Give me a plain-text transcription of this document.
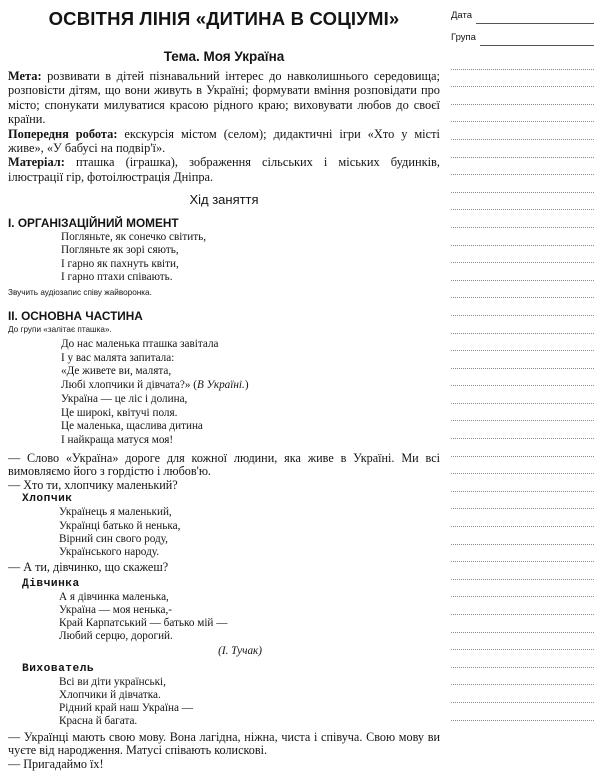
ОСВІТНЯ ЛІНІЯ «ДИТИНА В СОЦІУМІ»
Тема. Моя Україна

Мета: розвивати в дітей пізнавальний інтерес до навколишнього середовища; розповісти дітям, що вони живуть в Україні; формувати вміння розповідати про місто; спонукати милуватися красою рідного краю; виховувати любов до своєї країни.

Попередня робота: екскурсія містом (селом); дидактичні ігри «Хто у місті живе», «У бабусі на подвір'ї».

Матеріал: пташка (іграшка), зображення сільських і міських будинків, ілюстрації гір, фотоілюстрація Дніпра.

Хід заняття
I. ОРГАНІЗАЦІЙНИЙ МОМЕНТ
Погляньте, як сонечко світить,
Погляньте як зорі сяють,
І гарно як пахнуть квіти,
І гарно птахи співають.
Звучить аудіозапис співу жайворонка.
II. ОСНОВНА ЧАСТИНА
До групи «залітає пташка».
До нас маленька пташка завітала
І у вас малята запитала:
«Де живете ви, малята,
Любі хлопчики й дівчата?» (В Україні.)
Україна — це ліс і долина,
Це широкі, квітучі поля.
Це маленька, щаслива дитина
І найкраща матуся моя!

— Слово «Україна» дороге для кожної людини, яка живе в Україні. Ми всі вимовляємо його з гордістю і любов'ю.

— Хто ти, хлопчику маленький?

Хлопчик
Українець я маленький,
Українці батько й ненька,
Вірний син свого роду,
Українського народу.
— А ти, дівчинко, що скажеш?
Дівчинка
А я дівчинка маленька,
Україна — моя ненька,-
Край Карпатський — батько мій —
Любий серцю, дорогий.
(І. Тучак)
Вихователь
Всі ви діти українські,
Хлопчики й дівчатка.
Рідний край наш Україна —
Красна й багата.

— Українці мають свою мову. Вона лагідна, ніжна, чиста і співуча. Свою мову ви чуєте від народження. Матусі співають колискові.

— Пригадаймо їх!

Дата
Група
